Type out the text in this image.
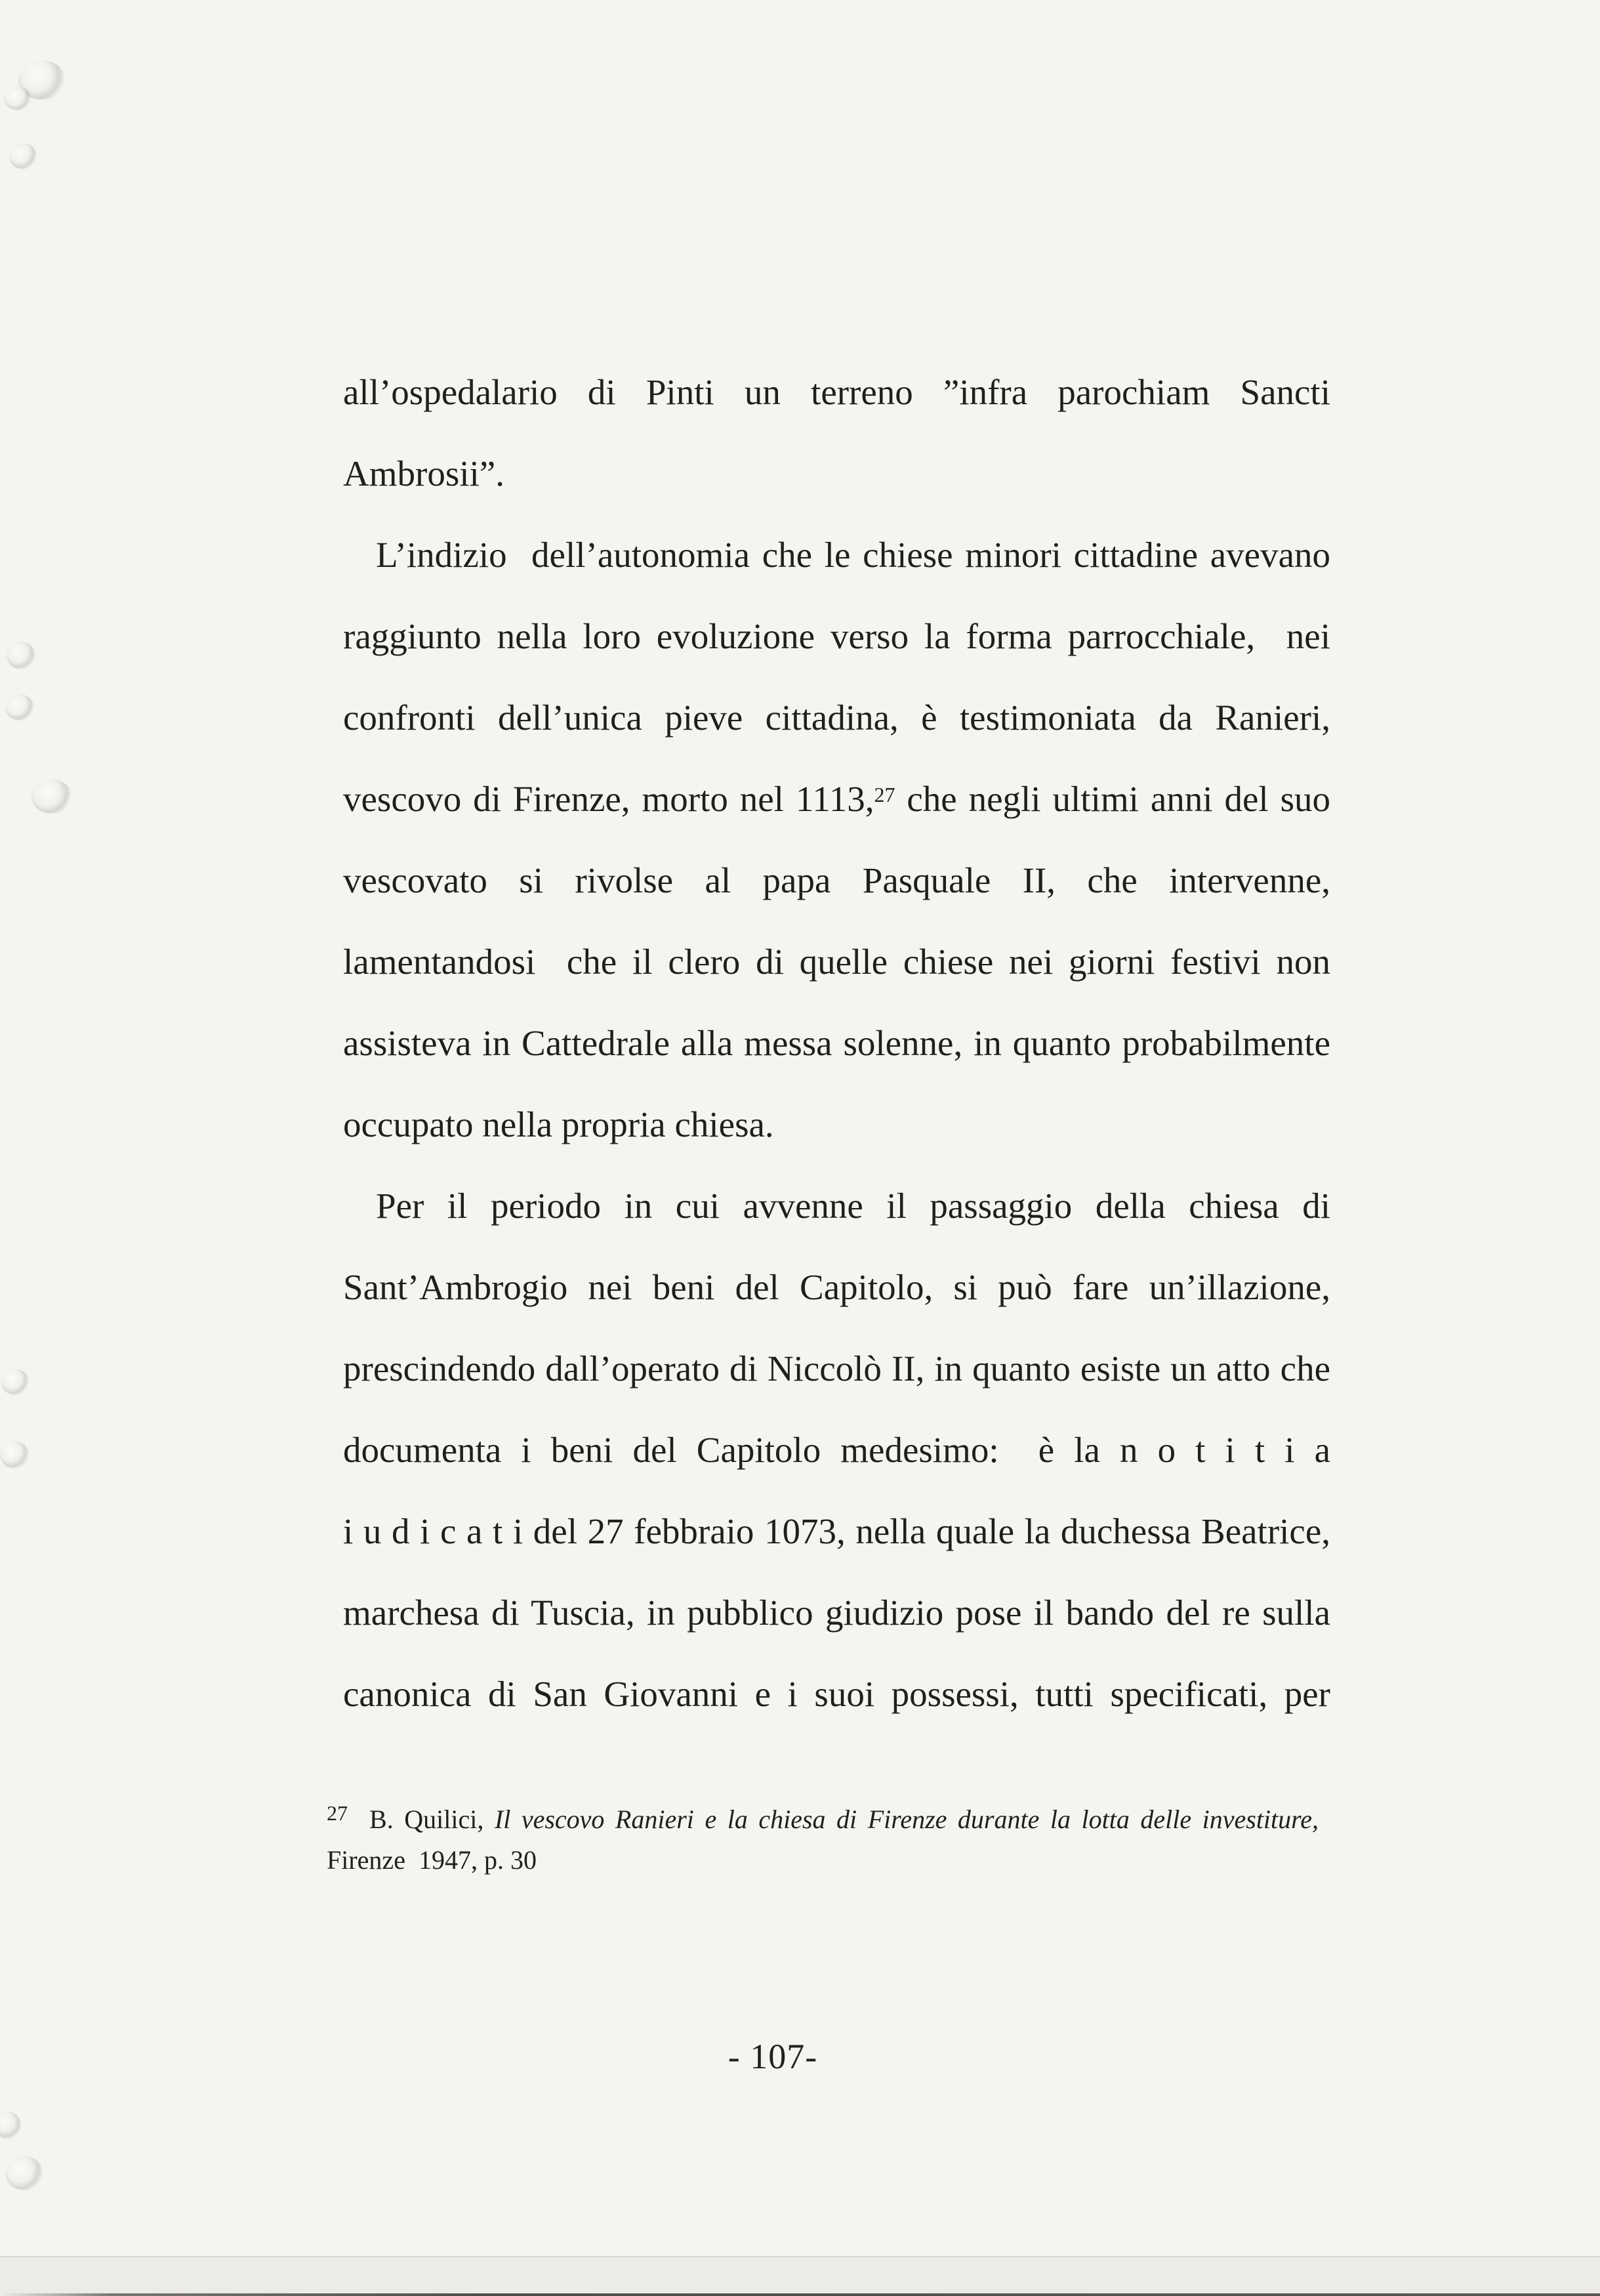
all’ospedalario di Pinti un terreno ”infra parochiam Sancti
Ambrosii”.
L’indizio  dell’autonomia che le chiese minori cittadine avevano
raggiunto nella loro evoluzione verso la forma parrocchiale,  nei
confronti dell’unica pieve cittadina, è testimoniata da Ranieri,
vescovo di Firenze, morto nel 1113,27 che negli ultimi anni del suo
vescovato si rivolse al papa Pasquale II, che intervenne,
lamentandosi  che il clero di quelle chiese nei giorni festivi non
assisteva in Cattedrale alla messa solenne, in quanto probabilmente
occupato nella propria chiesa.
Per il periodo in cui avvenne il passaggio della chiesa di
Sant’Ambrogio nei beni del Capitolo, si può fare un’illazione,
prescindendo dall’operato di Niccolò II, in quanto esiste un atto che
documenta i beni del Capitolo medesimo:  è la n o t i t i a
i u d i c a t i del 27 febbraio 1073, nella quale la duchessa Beatrice,
marchesa di Tuscia, in pubblico giudizio pose il bando del re sulla
canonica di San Giovanni e i suoi possessi, tutti specificati, per
$^{27}$  B. Quilici, Il vescovo Ranieri e la chiesa di Firenze durante la lotta delle investiture,
Firenze  1947, p. 30
- 107-
